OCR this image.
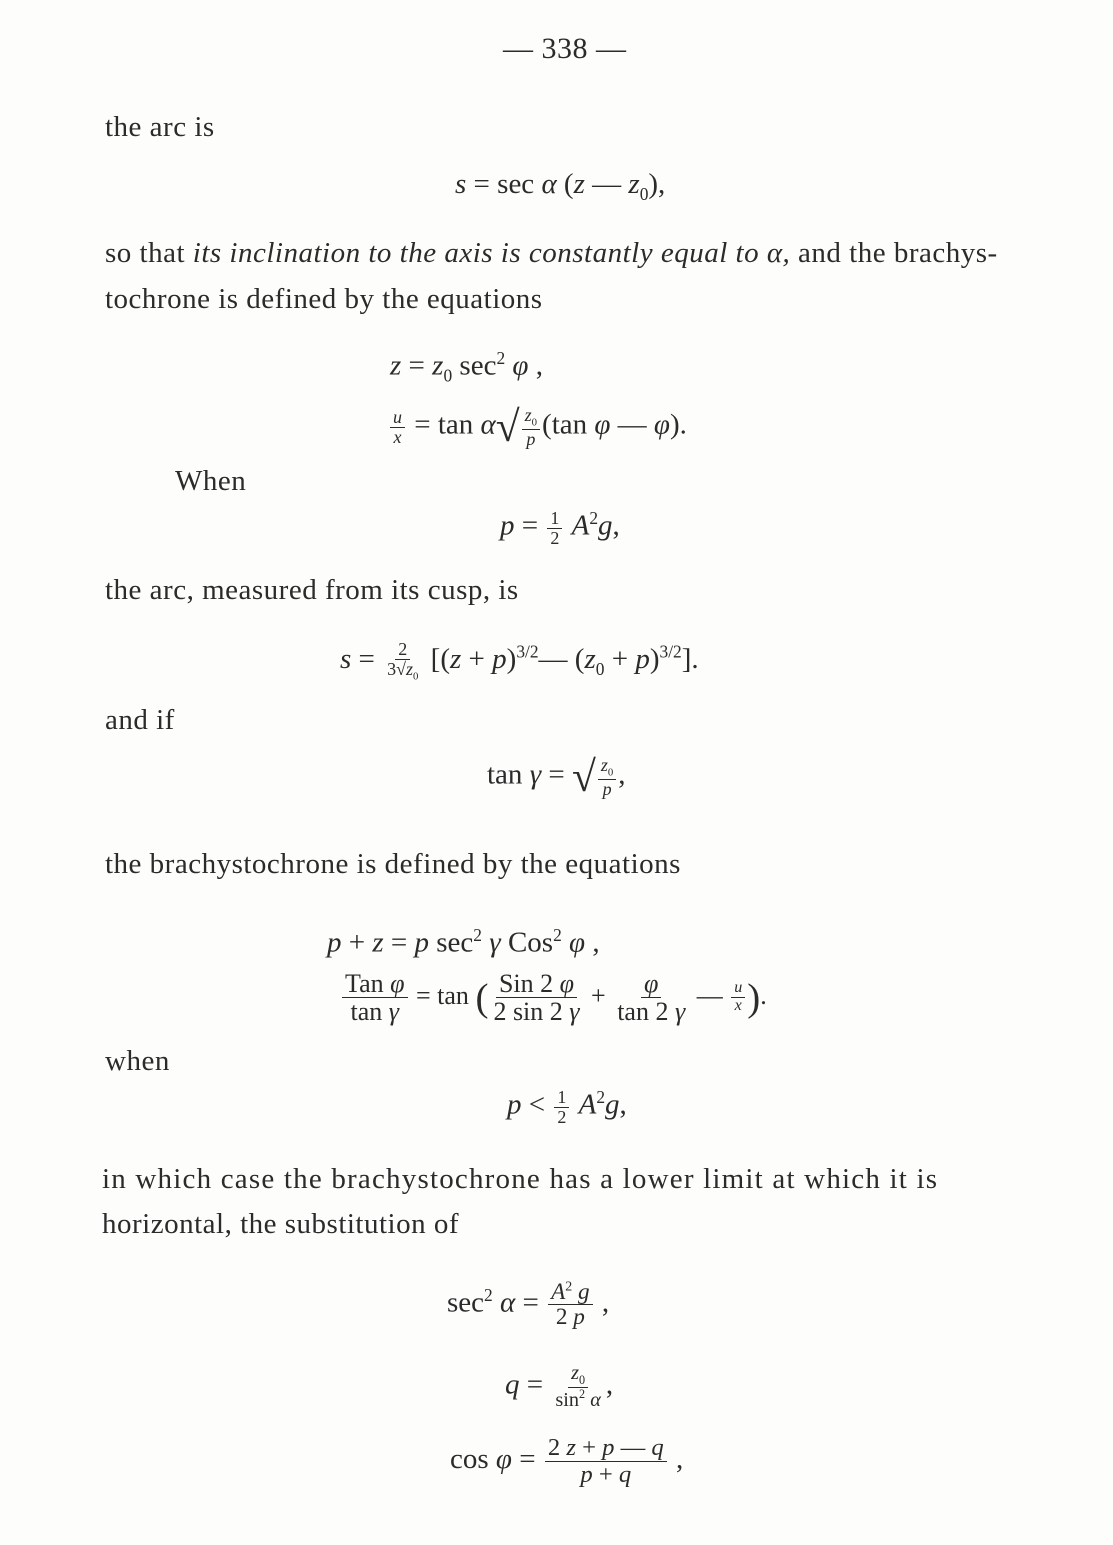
— 338 —
the arc is
s = sec α (z — $z_0$),
so that its inclination to the axis is constantly equal to α, and the brachys-
tochrone is defined by the equations
$z = z_0$ $\sec^2 \varphi$ ,
$\frac{u}{x} = \tan \alpha√ \frac{z_0}{p} (\tan$ φ — φ).
When
$p = \frac{1}{2} A^2g$,
the arc, measured from its cusp, is
$s = \frac{2}{3√z_0} [(z$ + $p)^{3/2}—$ $(z_0 + p)^{3/2}$].
and if
tan γ = √ $\frac{z_0}{p}$ ,
the brachystochrone is defined by the equations
p + z = p $\sec^2 \gamma$ Cos$^2$ φ ,
$\frac{\text{Tan φ}}{\text{tan γ}} = \tan$ ( $\frac{\text{Sin 2 φ}}{2 \sin 2 \gamma} + \frac{\varphi}{\tan 2 \gamma}$ — $\frac{u}{x}$ ).
when
$p < \frac{1}{2} A^2g$,
in which case the brachystochrone has a lower limit at which it is
horizontal, the substitution of
$\sec^2 \alpha = \frac{A^2 g}{2 p}$ ,
$q = \frac{z_0}{\sin^2 \alpha}$ ,
$\cos \varphi = \frac{2 z + p — q}{p + q}$ ,
